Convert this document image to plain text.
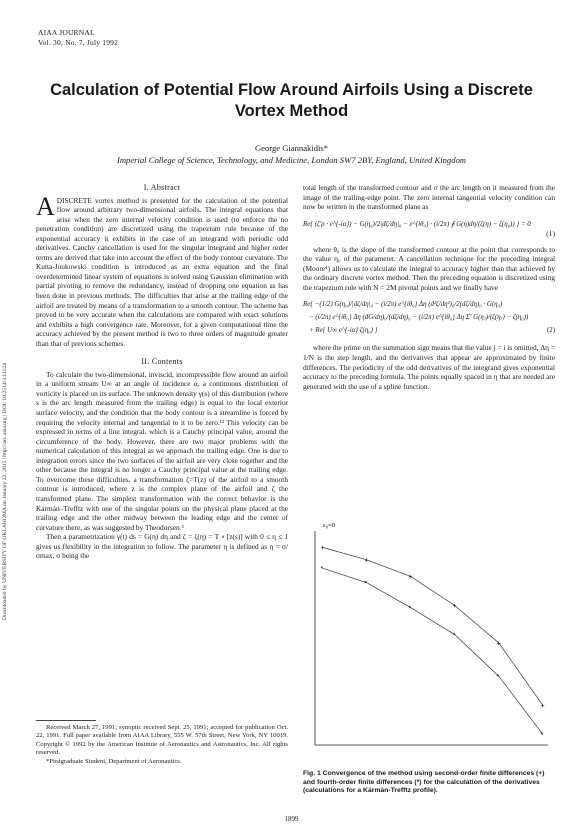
AIAA JOURNAL
Vol. 30, No. 7, July 1992
Calculation of Potential Flow Around Airfoils Using a Discrete
Vortex Method
George Giannakidis*
Imperial College of Science, Technology, and Medicine, London SW7 2BY, England, United Kingdom
Downloaded by UNIVERSITY OF OKLAHOMA on January 22, 2015 | http://arc.aiaa.org | DOI: 10.2514/3.11124
I. Abstract

ADISCRETE vortex method is presented for the calculation of the potential flow around arbitrary two-dimensional airfoils. The integral equations that arise when the zero internal velocity condition is used (to enforce the no penetration condition) are discretized using the trapezium rule because of the exponential accuracy it exhibits in the case of an integrand with periodic odd derivatives. Cauchy cancellation is used for the singular integrand and higher order terms are derived that take into account the effect of the body contour curvature. The Kutta-Joukowski condition is introduced as an extra equation and the final overdetermined linear system of equations is solved using Gaussian elimination with partial pivoting to remove the redundancy, instead of dropping one equation as has been done in previous methods. The difficulties that arise at the trailing edge of the airfoil are treated by means of a transformation to a smooth contour. The scheme has proved to be very accurate when the calculations are compared with exact solutions and exhibits a high convergence rate. Moreover, for a given computational time the accuracy achieved by the present method is two to three orders of magnitude greater than that of previous schemes.

II. Contents

To calculate the two-dimensional, inviscid, incompressible flow around an airfoil in a uniform stream U∞ at an angle of incidence α, a continuous distribution of vorticity is placed on its surface. The unknown density γ(s) of this distribution (where s is the arc length measured from the trailing edge) is equal to the local exterior surface velocity, and the condition that the body contour is a streamline is forced by requiring the velocity internal and tangential to it to be zero.¹² This velocity can be expressed in terms of a line integral, which is a Cauchy principal value, around the circumference of the body. However, there are two major problems with the numerical calculation of this integral as we approach the trailing edge. One is due to integration errors since the two surfaces of the airfoil are very close together and the other because the integral is no longer a Cauchy principal value at the trailing edge. To overcome these difficulties, a transformation ζ=T(z) of the airfoil to a smooth contour is introduced, where z is the complex plane of the airfoil and ζ the transformed plane. The simplest transformation with the correct behavior is the Kármán–Trefftz with one of the singular points on the physical plane placed at the trailing edge and the other midway between the leading edge and the center of curvature there, as was suggested by Theodorsen.³

Then a parametrization γ(t) ds = G(η) dη and ζ = ζ(η) = T ∘ [z(s)] with 0 ≤ η ≤ 1 gives us flexibility in the integration to follow. The parameter η is defined as η = σ/σmax, σ being the

Received March 27, 1991; synoptic received Sept. 25, 1991; accepted for publication Oct. 22, 1991. Full paper available from AIAA Library, 555 W. 57th Street, New York, NY 10019. Copyright © 1992 by the American Institute of Aeronautics and Astronautics, Inc. All rights reserved.
*Postgraduate Student, Department of Aeronautics.

total length of the transformed contour and σ the arc length on it measured from the image of the trailing-edge point. The zero internal tangential velocity condition can now be written in the transformed plane as

Re{ (ζ'ρ · e^{-iα}) − G(η₀)/2|dζ/dη|₀ − e^{iθ₀} · (i/2π) ∮ G(η)dη/(ζ(η) − ζ(η₀)) } = 0
(1)

where θ₀ is the slope of the transformed contour at the point that corresponds to the value η₀ of the parameter. A cancellation technique for the preceding integral (Moore⁴) allows us to calculate the integral to accuracy higher than that achieved by the ordinary discrete vortex method. Then the preceding equation is discretized using the trapezium rule with N = 2M pivotal points and we finally have

Re{ −(1/2) G(η₀)/|dζ/dη|₀ − (i/2π) e^{iθ₀} Δη (d²ζ/dη²)₀/2(dζ/dη)₀ · G(η₀)
− (i/2π) e^{iθ₀} Δη (dG/dη)₀/(dζ/dη)₀ − (i/2π) e^{iθ₀} Δη Σ′ G(ηⱼ)/(ζ(ηⱼ) − ζ(η₀))
+ Re{ U∞ e^{-iα} ζ(η₀) }	(2)

where the prime on the summation sign means that the value j = i is omitted, Δη = 1/N is the step length, and the derivatives that appear are approximated by finite differences. The periodicity of the odd derivatives of the integrand gives exponential accuracy to the preceding formula. The points equally spaced in η that are needed are generated with the use of a spline function.

ε₀=0
+
+
+
+
+
+
*
*
*
*
*
*
Fig. 1 Convergence of the method using second-order finite differences (+) and fourth-order finite differences (*) for the calculation of the derivatives (calculations for a Kármán-Trefftz profile).
1899
